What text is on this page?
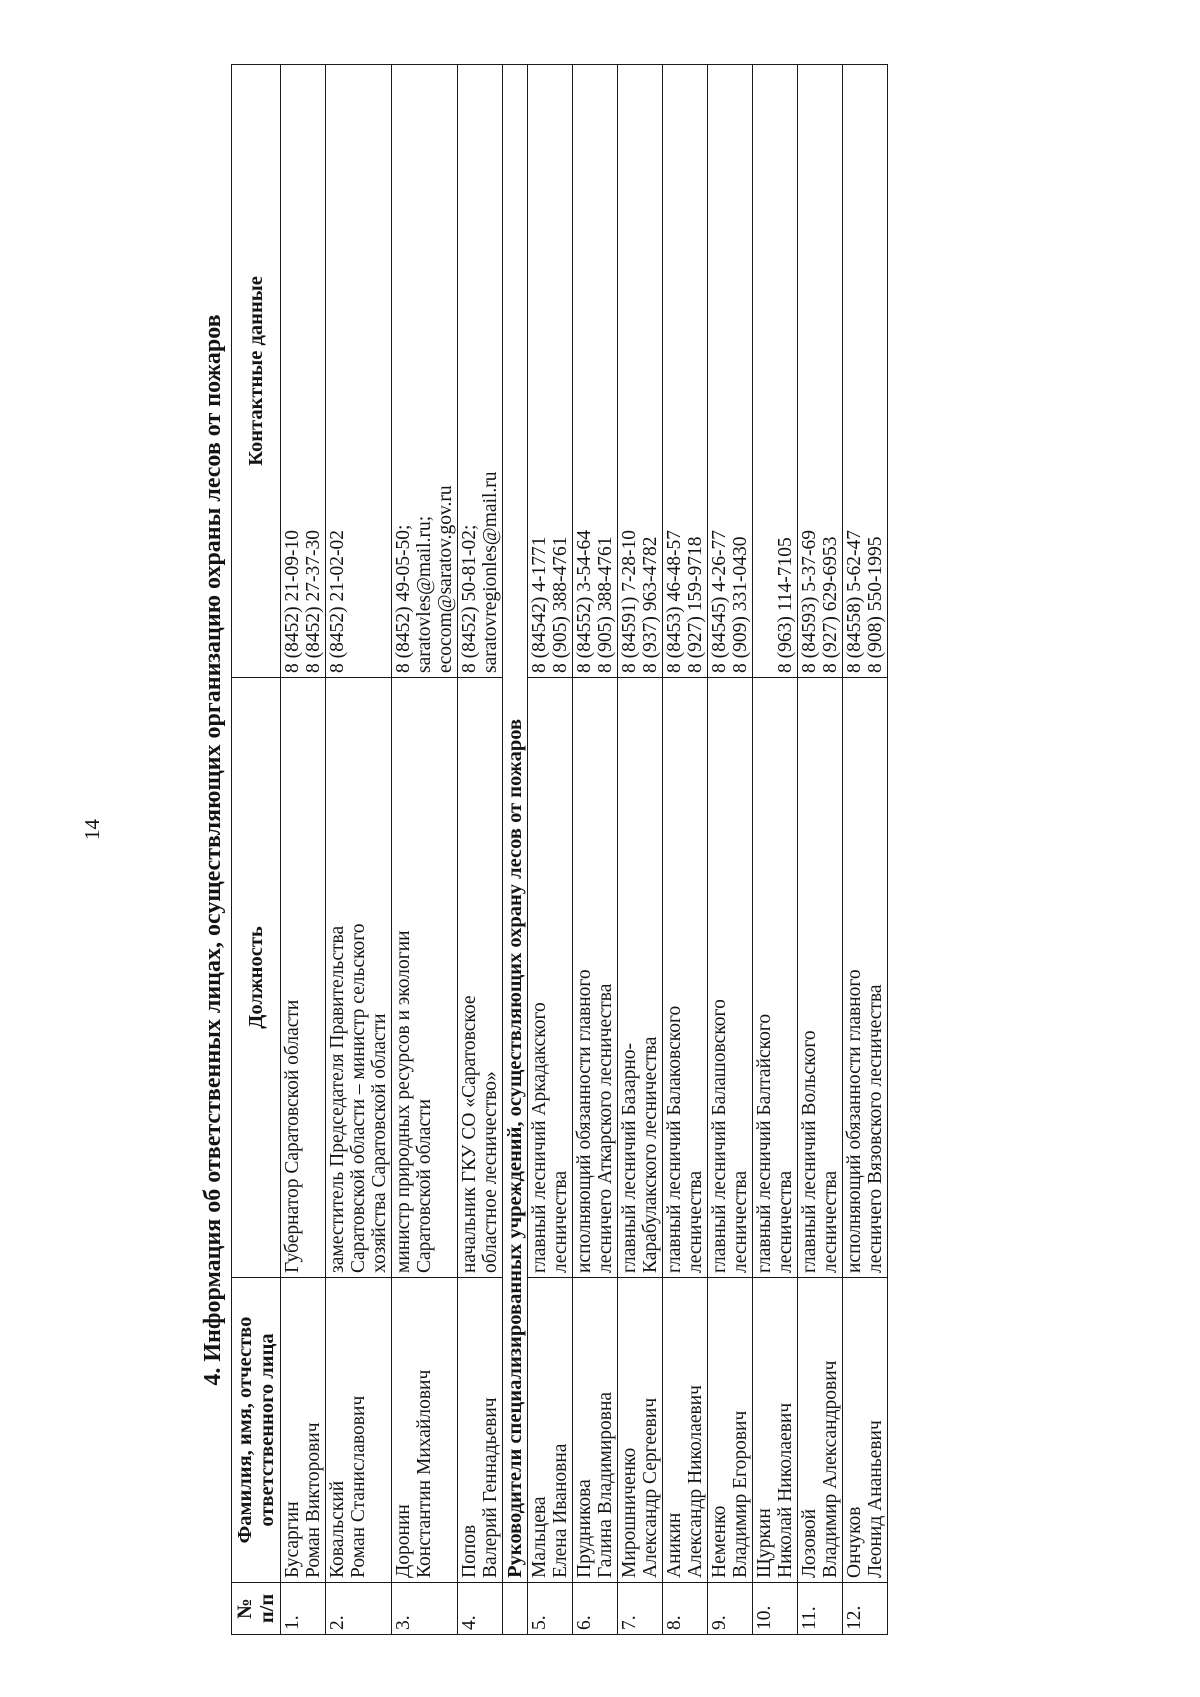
14	4. Информация об ответственных лицах, осуществляющих организацию охраны лесов от пожаров
№ п/п	Фамилия, имя, отчество ответственного лица	Должность	Контактные данные
1.	Бусаргин Роман Викторович	Губернатор Саратовской области	8 (8452) 21-09-10 8 (8452) 27-37-30

2.	Ковальский Роман Станиславович	заместитель Председателя Правительства Саратовской области – министр сельского хозяйства Саратовской области	8 (8452) 21-02-02

3.	Доронин Константин Михайлович	министр природных ресурсов и экологии Саратовской области	8 (8452) 49-05-50; saratovles@mail.ru; ecocom@saratov.gov.ru

4.	Попов Валерий Геннадьевич	начальник ГКУ СО «Саратовское областное лесничество»	8 (8452) 50-81-02; saratovregionles@mail.ru

	Руководители специализированных учреждений, осуществляющих охрану лесов от пожаров		
5.	Мальцева Елена Ивановна	главный лесничий Аркадакского лесничества	8 (84542) 4-1771 8 (905) 388-4761

6.	Прудникова Галина Владимировна	исполняющий обязанности главного лесничего Аткарского лесничества	8 (84552) 3-54-64 8 (905) 388-4761

7.	Мирошниченко Александр Сергеевич	главный лесничий Базарно- Карабулакского лесничества	8 (84591) 7-28-10 8 (937) 963-4782

8.	Аникин Александр Николаевич	главный лесничий Балаковского лесничества	8 (8453) 46-48-57 8 (927) 159-9718

9.	Неменко Владимир Егорович	главный лесничий Балашовского лесничества	8 (84545) 4-26-77 8 (909) 331-0430

10.	Щуркин Николай Николаевич	главный лесничий Балтайского лесничества	8 (963) 114-7105

11.	Лозовой Владимир Александрович	главный лесничий Вольского лесничества	8 (84593) 5-37-69 8 (927) 629-6953

12.	Ончуков Леонид Ананьевич	исполняющий обязанности главного лесничего Вязовского лесничества	8 (84558) 5-62-47 8 (908) 550-1995
